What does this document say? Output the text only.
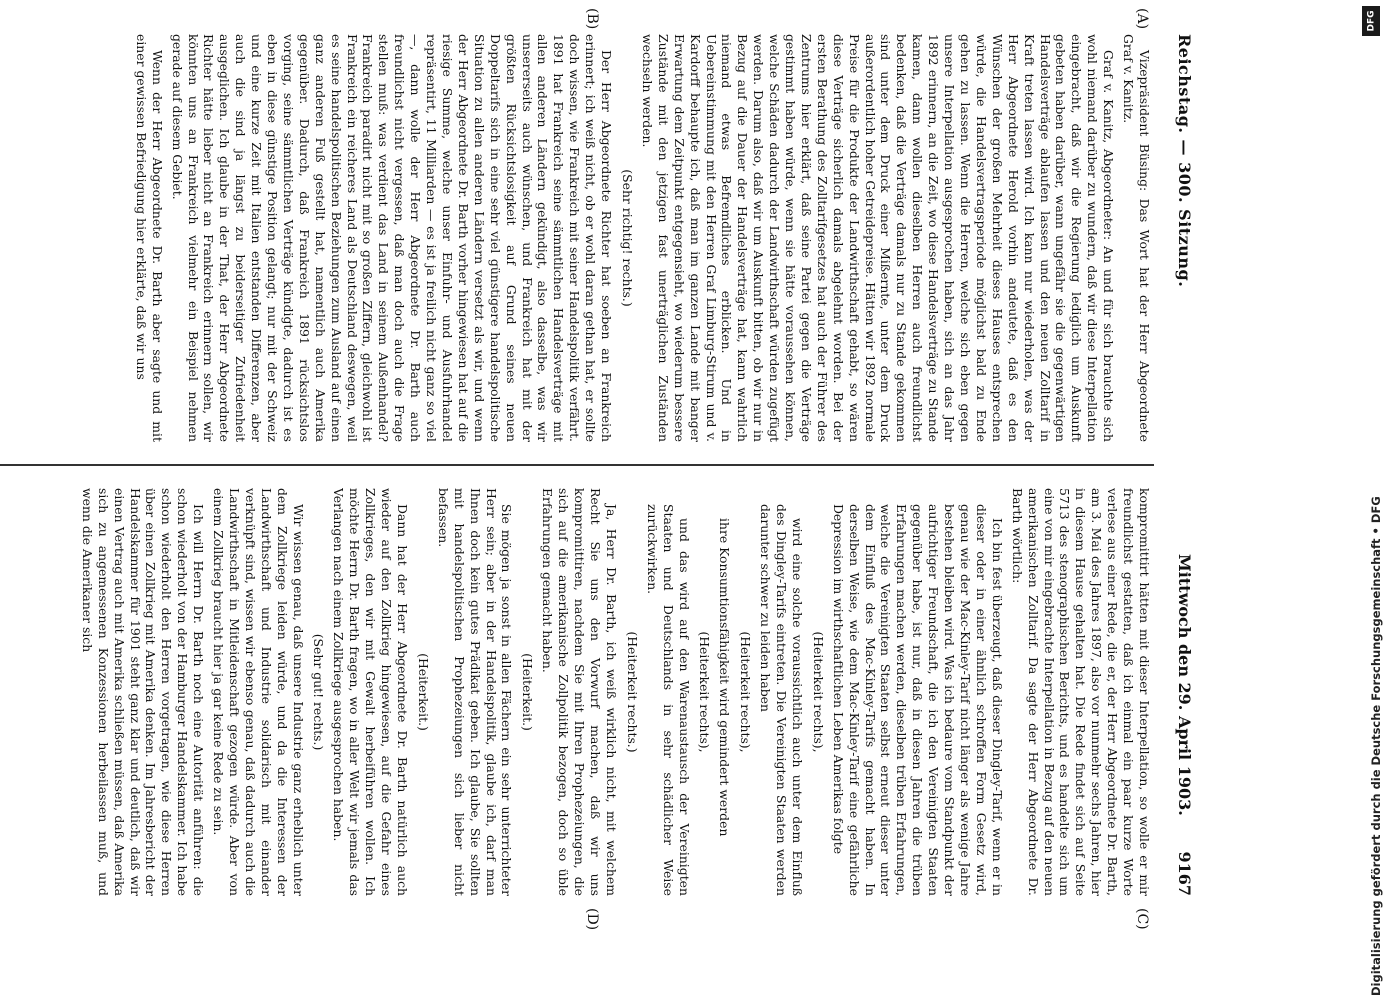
Reichstag. — 300. Sitzung.
Mittwoch den 29. April 1903.
9167
(A)
(B)
(C)
(D)

Vizepräsident Büsing: Das Wort hat der Herr Abgeordnete Graf v. Kanitz.

Graf v. Kanitz, Abgeordneter: An und für sich brauchte sich wohl niemand darüber zu wundern, daß wir diese Interpellation eingebracht, daß wir die Regierung lediglich um Auskunft gebeten haben darüber, wann ungefähr sie die gegenwärtigen Handelsverträge ablaufen lassen und den neuen Zolltarif in Kraft treten lassen wird. Ich kann nur wiederholen, was der Herr Abgeordnete Herold vorhin andeutete, daß es den Wünschen der großen Mehrheit dieses Hauses entsprechen würde, die Handelsvertragsperiode möglichst bald zu Ende gehen zu lassen. Wenn die Herren, welche sich eben gegen unsere Interpellation ausgesprochen haben, sich an das Jahr 1892 erinnern, an die Zeit, wo diese Handelsverträge zu Stande kamen, dann wollen dieselben Herren auch freundlichst bedenken, daß die Verträge damals nur zu Stande gekommen sind unter dem Druck einer Mißernte, unter dem Druck außerordentlich hoher Getreidepreise. Hätten wir 1892 normale Preise für die Produkte der Landwirthschaft gehabt, so wären diese Verträge sicherlich damals abgelehnt worden. Bei der ersten Berathung des Zolltarifgesetzes hat auch der Führer des Zentrums hier erklärt, daß seine Partei gegen die Verträge gestimmt haben würde, wenn sie hätte voraussehen können, welche Schäden dadurch der Landwirthschaft würden zugefügt werden. Darum also, daß wir um Auskunft bitten, ob wir nur in Bezug auf die Dauer der Handelsverträge hat, kann wahrlich niemand etwas Befremdliches erblicken. Und in Uebereinstimmung mit den Herren Graf Limburg-Stirum und v. Kardorff behaupte ich, daß man im ganzen Lande mit banger Erwartung dem Zeitpunkt entgegensieht, wo wiederum bessere Zustände mit den jetzigen fast unerträglichen Zuständen wechseln werden.

(Sehr richtig! rechts.)

Der Herr Abgeordnete Richter hat soeben an Frankreich erinnert; ich weiß nicht, ob er wohl daran gethan hat, er sollte doch wissen, wie Frankreich mit seiner Handelspolitik verfährt. 1891 hat Frankreich seine sämmtlichen Handelsverträge mit allen anderen Ländern gekündigt, also dasselbe, was wir unsererseits auch wünschen, und Frankreich hat mit der größten Rücksichtslosigkeit auf Grund seines neuen Doppeltarifs sich in eine sehr viel günstigere handelspolitische Situation zu allen anderen Ländern versetzt als wir, und wenn der Herr Abgeordnete Dr. Barth vorher hingewiesen hat auf die riesige Summe, welche unser Einfuhr- und Ausfuhrhandel repräsentirt, 11 Milliarden — es ist ja freilich nicht ganz so viel —, dann wolle der Herr Abgeordnete Dr. Barth auch freundlichst nicht vergessen, daß man doch auch die Frage stellen muß: was verdient das Land in seinem Außenhandel? Frankreich paradirt nicht mit so großen Ziffern, gleichwohl ist Frankreich ein reicheres Land als Deutschland deswegen, weil es seine handelspolitischen Beziehungen zum Ausland auf einen ganz anderen Fuß gestellt hat, namentlich auch Amerika gegenüber. Dadurch, daß Frankreich 1891 rücksichtslos vorging, seine sämmtlichen Verträge kündigte, dadurch ist es eben in diese günstige Position gelangt; nur mit der Schweiz und eine kurze Zeit mit Italien entstanden Differenzen, aber auch die sind ja längst zu beiderseitiger Zufriedenheit ausgeglichen. Ich glaube in der That, der Herr Abgeordnete Richter hätte lieber nicht an Frankreich erinnern sollen, wir könnten uns an Frankreich vielmehr ein Beispiel nehmen gerade auf diesem Gebiet.

Wenn der Herr Abgeordnete Dr. Barth aber sagte und mit einer gewissen Befriedigung hier erklärte, daß wir uns

kompromittirt hätten mit dieser Interpellation, so wolle er mir freundlichst gestatten, daß ich einmal ein paar kurze Worte verlese aus einer Rede, die er, der Herr Abgeordnete Dr. Barth, am 3. Mai des Jahres 1897, also vor nunmehr sechs Jahren, hier in diesem Hause gehalten hat. Die Rede findet sich auf Seite 5713 des stenographischen Berichts, und es handelte sich um eine von mir eingebrachte Interpellation in Bezug auf den neuen amerikanischen Zolltarif. Da sagte der Herr Abgeordnete Dr. Barth wörtlich:

Ich bin fest überzeugt, daß dieser Dingley-Tarif, wenn er in dieser oder in einer ähnlich schroffen Form Gesetz wird, genau wie der Mac-Kinley-Tarif nicht länger als wenige Jahre bestehen bleiben wird. Was ich bedaure vom Standpunkt der aufrichtiger Freundschaft, die ich den Vereinigten Staaten gegenüber habe, ist nur, daß in diesen Jahren die trüben Erfahrungen machen werden, dieselben trüben Erfahrungen, welche die Vereinigten Staaten selbst erneut dieser unter dem Einfluß des Mac-Kinley-Tarifs gemacht haben. In derselben Weise, wie dem Mac-Kinley-Tarif eine gefährliche Depression im wirthschaftlichen Leben Amerikas folgte

(Heiterkeit rechts),

wird eine solche voraussichtlich auch unter dem Einfluß des Dingley-Tarifs eintreten. Die Vereinigten Staaten werden darunter schwer zu leiden haben

(Heiterkeit rechts),

ihre Konsumtionsfähigkeit wird gemindert werden

(Heiterkeit rechts),

und das wird auf den Warenaustausch der Vereinigten Staaten und Deutschlands in sehr schädlicher Weise zurückwirken.

(Heiterkeit rechts.)

Ja, Herr Dr. Barth, ich weiß wirklich nicht, mit welchem Recht Sie uns den Vorwurf machen, daß wir uns kompromittiren, nachdem Sie mit Ihren Prophezeiungen, die sich auf die amerikanische Zollpolitik bezogen, doch so üble Erfahrungen gemacht haben.

(Heiterkeit.)

Sie mögen ja sonst in allen Fächern ein sehr unterrichteter Herr sein; aber in der Handelspolitik, glaube ich, darf man Ihnen doch kein gutes Prädikat geben. Ich glaube, Sie sollten mit handelspolitischen Prophezeiungen sich lieber nicht befassen.

(Heiterkeit.)

Dann hat der Herr Abgeordnete Dr. Barth natürlich auch wieder auf den Zollkrieg hingewiesen, auf die Gefahr eines Zollkrieges, den wir mit Gewalt herbeiführen wollen. Ich möchte Herrn Dr. Barth fragen, wo in aller Welt wir jemals das Verlangen nach einem Zollkriege ausgesprochen haben.

(Sehr gut! rechts.)

Wir wissen genau, daß unsere Industrie ganz erheblich unter dem Zollkriege leiden würde, und da die Interessen der Landwirthschaft und Industrie solidarisch mit einander verknüpft sind, wissen wir ebenso genau, daß dadurch auch die Landwirthschaft in Mitleidenschaft gezogen würde. Aber von einem Zollkrieg braucht hier ja gar keine Rede zu sein.

Ich will Herrn Dr. Barth noch eine Autorität anführen: die schon wiederholt von der Hamburger Handelskammer. Ich habe schon wiederholt den Herren vorgetragen, wie diese Herren über einen Zollkrieg mit Amerika denken. Im Jahresbericht der Handelskammer für 1901 steht ganz klar und deutlich, daß wir einen Vertrag auch mit Amerika schließen müssen, daß Amerika sich zu angemessenen Konzessionen herbeilassen muß, und wenn die Amerikaner sich

DFG
Digitalisierung gefördert durch die Deutsche Forschungsgemeinschaft • DFG
